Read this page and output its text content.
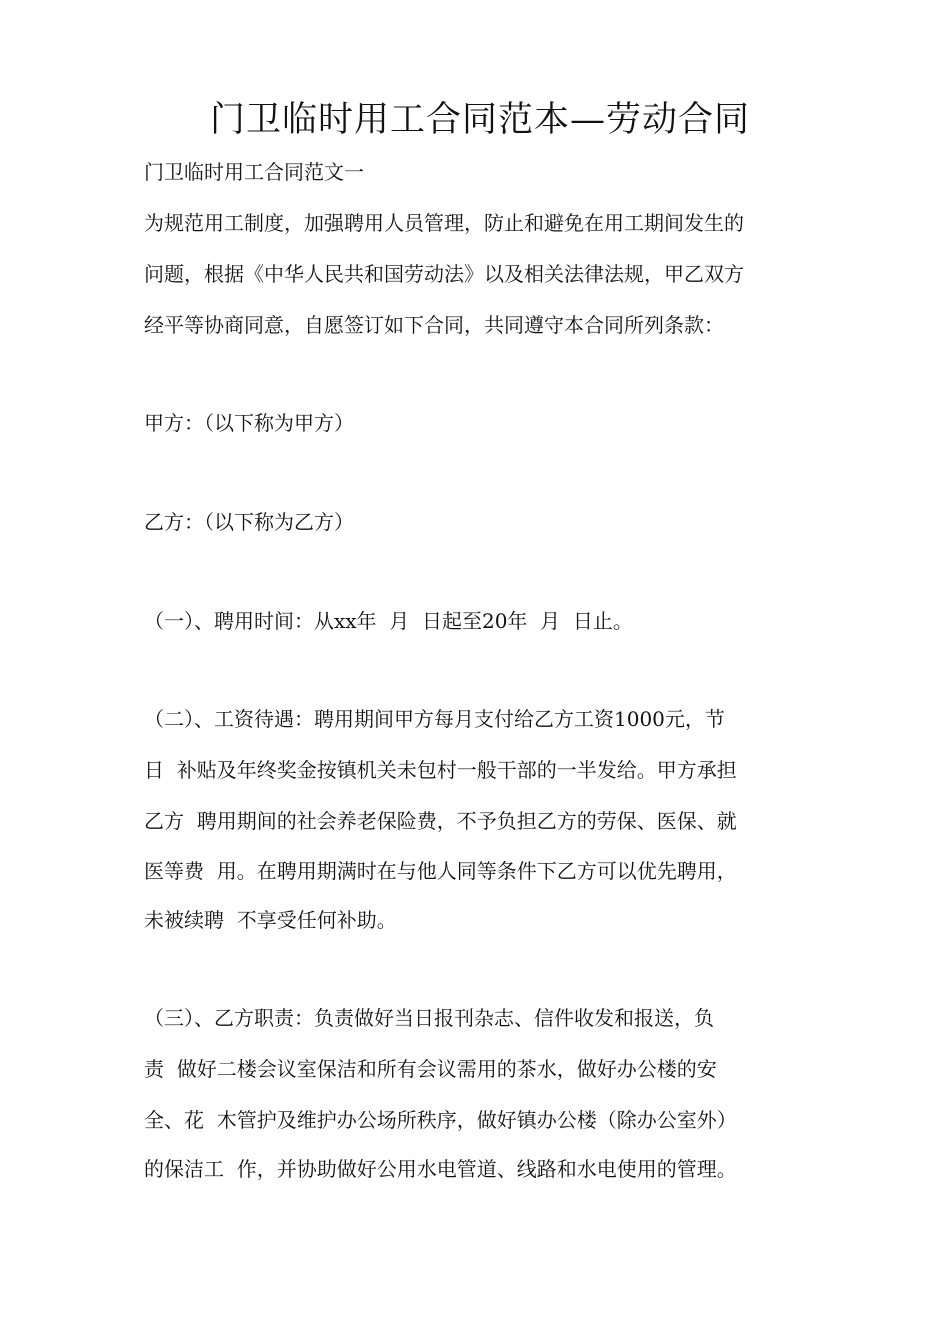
门卫临时用工合同范本—劳动合同
门卫临时用工合同范文一
为规范用工制度，加强聘用人员管理，防止和避免在用工期间发生的
问题，根据《中华人民共和国劳动法》以及相关法律法规，甲乙双方
经平等协商同意，自愿签订如下合同，共同遵守本合同所列条款：
甲方：（以下称为甲方）
乙方：（以下称为乙方）
（一）、聘用时间：从xx年  月  日起至20年  月  日止。
（二）、工资待遇：聘用期间甲方每月支付给乙方工资1000元，节
日  补贴及年终奖金按镇机关未包村一般干部的一半发给。甲方承担
乙方  聘用期间的社会养老保险费，不予负担乙方的劳保、医保、就
医等费  用。在聘用期满时在与他人同等条件下乙方可以优先聘用，
未被续聘  不享受任何补助。
（三）、乙方职责：负责做好当日报刊杂志、信件收发和报送，负
责  做好二楼会议室保洁和所有会议需用的茶水，做好办公楼的安
全、花  木管护及维护办公场所秩序，做好镇办公楼（除办公室外）
的保洁工  作，并协助做好公用水电管道、线路和水电使用的管理。
